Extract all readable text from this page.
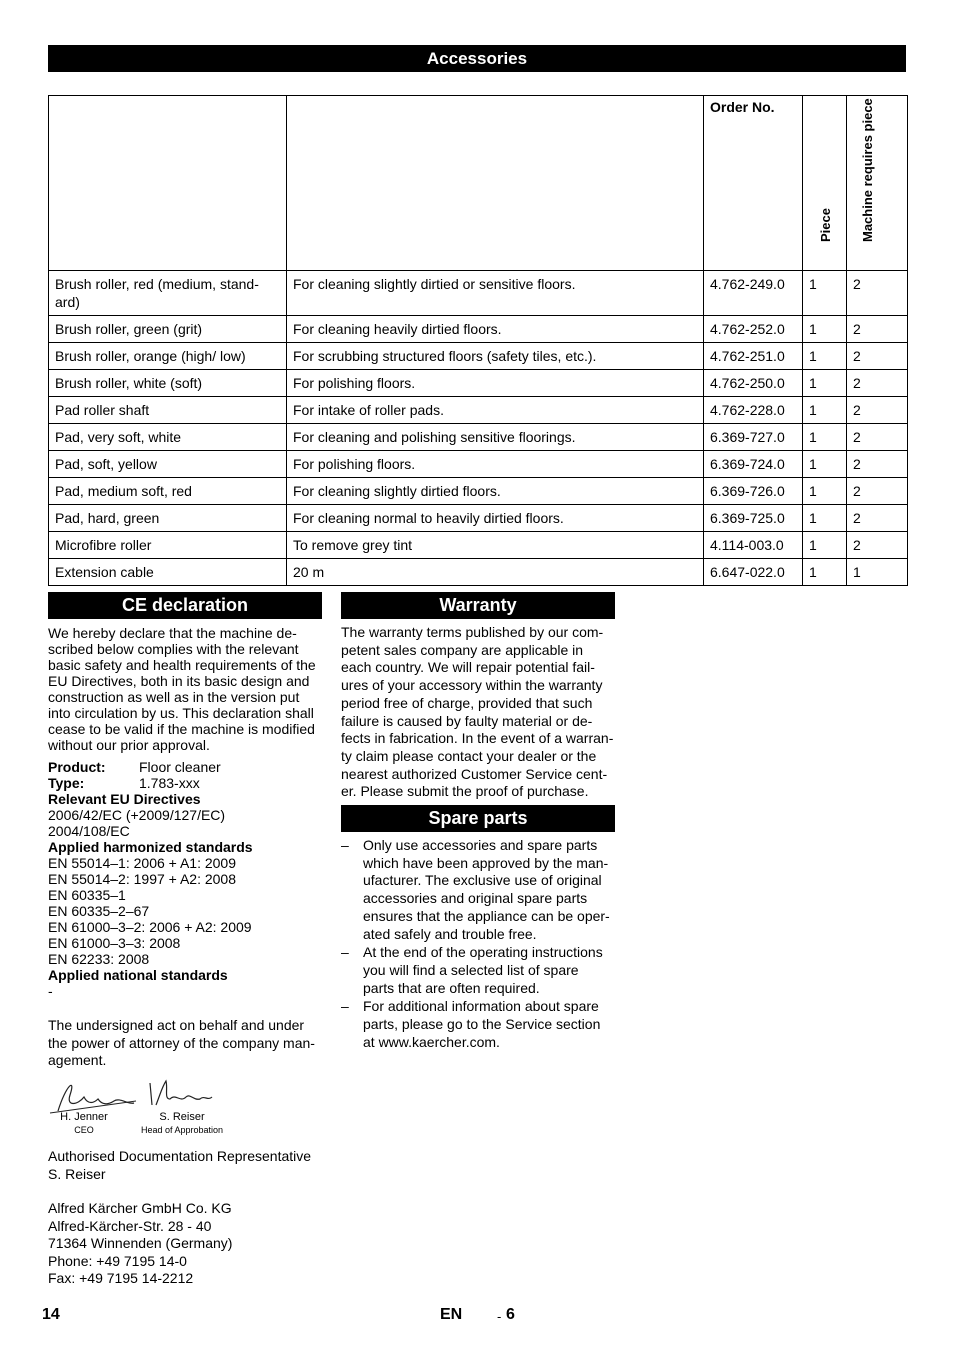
Accessories
		Order No.	Piece	Machine requires piece

Brush roller, red (medium, stand-ard)	For cleaning slightly dirtied or sensitive floors.	4.762-249.0	1	2
Brush roller, green (grit)	For cleaning heavily dirtied floors.	4.762-252.0	1	2
Brush roller, orange (high/ low)	For scrubbing structured floors (safety tiles, etc.).	4.762-251.0	1	2
Brush roller, white (soft)	For polishing floors.	4.762-250.0	1	2
Pad roller shaft	For intake of roller pads.	4.762-228.0	1	2
Pad, very soft, white	For cleaning and polishing sensitive floorings.	6.369-727.0	1	2
Pad, soft, yellow	For polishing floors.	6.369-724.0	1	2
Pad, medium soft, red	For cleaning slightly dirtied floors.	6.369-726.0	1	2
Pad, hard, green	For cleaning normal to heavily dirtied floors.	6.369-725.0	1	2
Microfibre roller	To remove grey tint	4.114-003.0	1	2
Extension cable	20 m	6.647-022.0	1	1
CE declaration
We hereby declare that the machine de-
scribed below complies with the relevant
basic safety and health requirements of the
EU Directives, both in its basic design and
construction as well as in the version put
into circulation by us. This declaration shall
cease to be valid if the machine is modified
without our prior approval.
Product:	Floor cleaner
Type:	1.783-xxx
Relevant EU Directives
2006/42/EC (+2009/127/EC)
2004/108/EC
Applied harmonized standards
EN 55014–1: 2006 + A1: 2009
EN 55014–2: 1997 + A2: 2008
EN 60335–1
EN 60335–2–67
EN 61000–3–2: 2006 + A2: 2009
EN 61000–3–3: 2008
EN 62233: 2008
Applied national standards
-
The undersigned act on behalf and under
the power of attorney of the company man-
agement.
H. Jenner
CEO
S. Reiser
Head of Approbation
Authorised Documentation Representative
S. Reiser
Alfred Kärcher GmbH Co. KG
Alfred-Kärcher-Str. 28 - 40
71364 Winnenden (Germany)
Phone: +49 7195 14-0
Fax: +49 7195 14-2212
Warranty
The warranty terms published by our com-
petent sales company are applicable in
each country. We will repair potential fail-
ures of your accessory within the warranty
period free of charge, provided that such
failure is caused by faulty material or de-
fects in fabrication. In the event of a warran-
ty claim please contact your dealer or the
nearest authorized Customer Service cent-
er. Please submit the proof of purchase.
Spare parts
– Only use accessories and spare parts
which have been approved by the man-
ufacturer. The exclusive use of original
accessories and original spare parts
ensures that the appliance can be oper-
ated safely and trouble free.
– At the end of the operating instructions
you will find a selected list of spare
parts that are often required.
– For additional information about spare
parts, please go to the Service section
at www.kaercher.com.
14	EN	- 6
